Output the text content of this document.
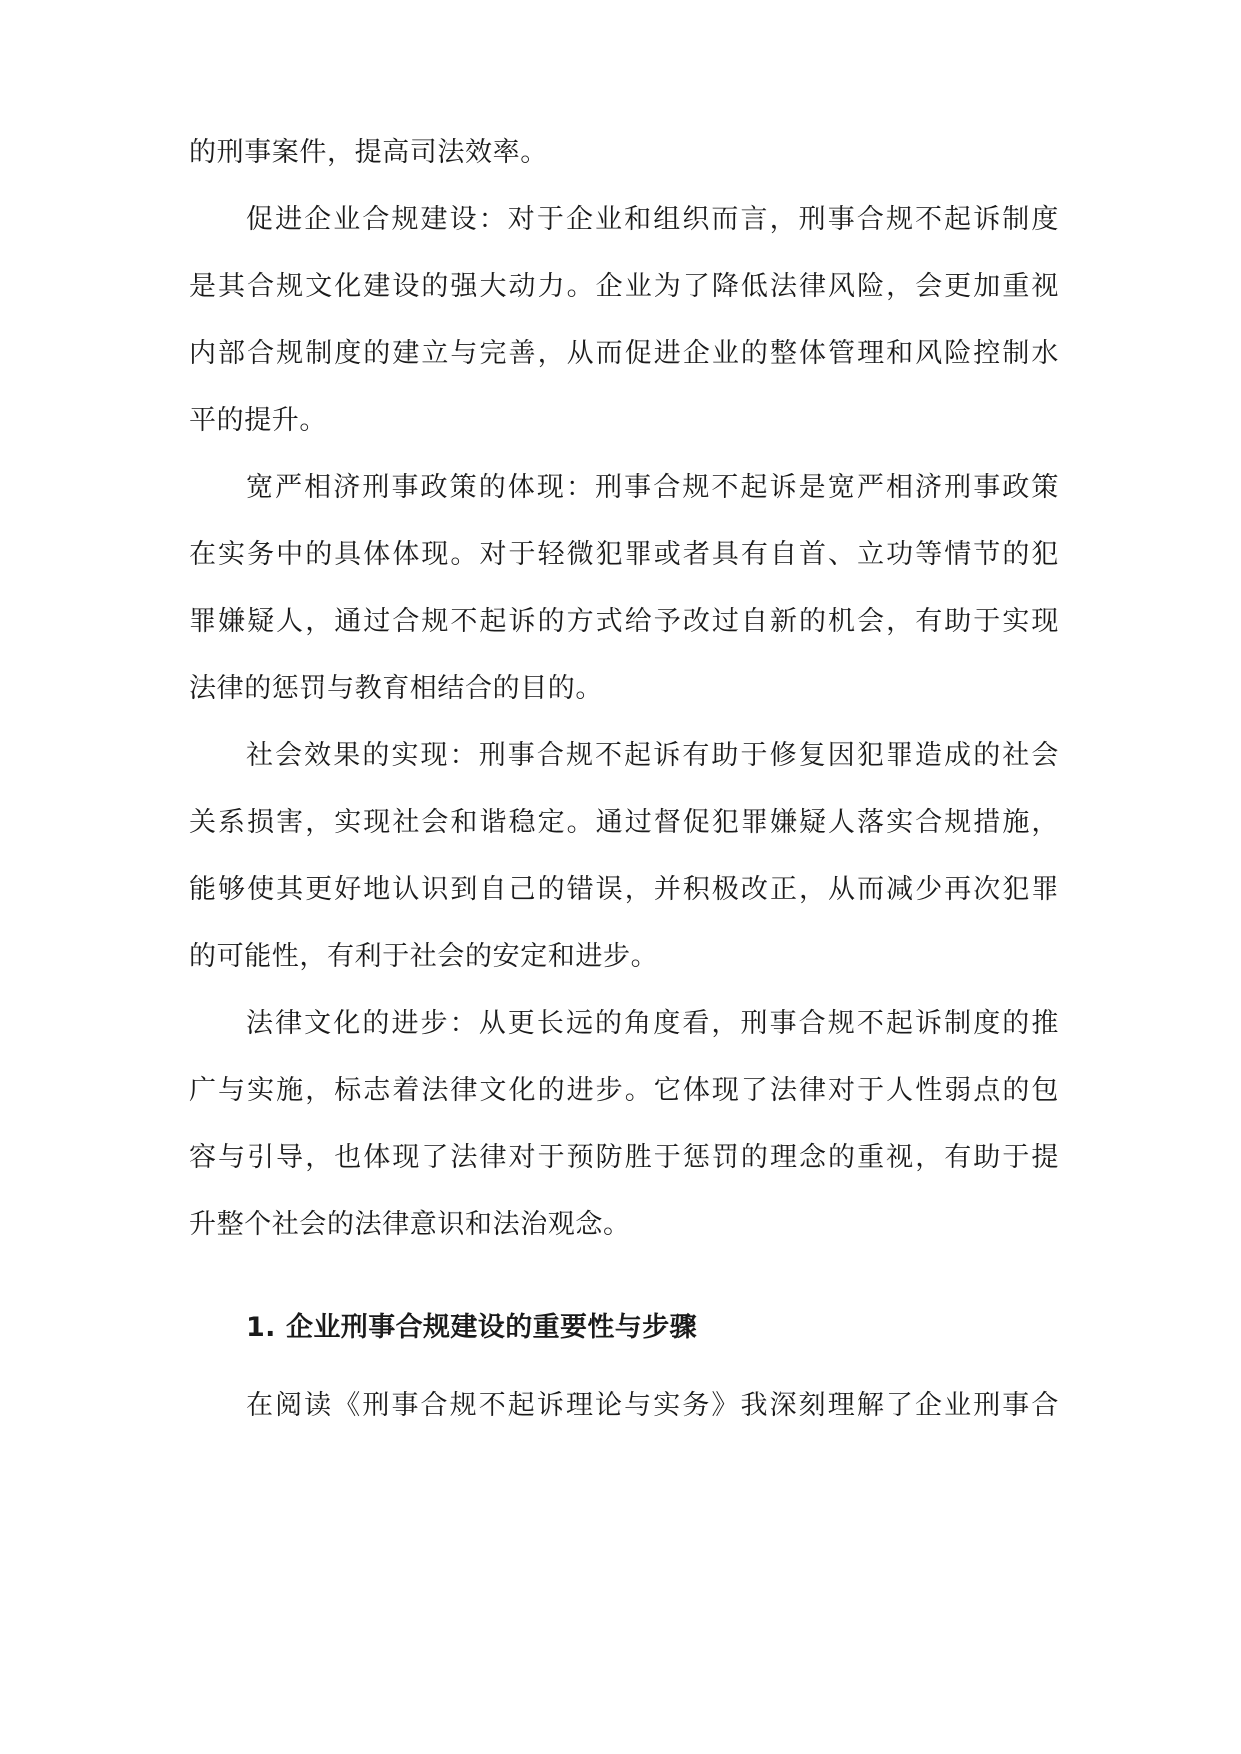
的刑事案件，提高司法效率。
促进企业合规建设：对于企业和组织而言，刑事合规不起诉制度
是其合规文化建设的强大动力。企业为了降低法律风险，会更加重视
内部合规制度的建立与完善，从而促进企业的整体管理和风险控制水
平的提升。
宽严相济刑事政策的体现：刑事合规不起诉是宽严相济刑事政策
在实务中的具体体现。对于轻微犯罪或者具有自首、立功等情节的犯
罪嫌疑人，通过合规不起诉的方式给予改过自新的机会，有助于实现
法律的惩罚与教育相结合的目的。
社会效果的实现：刑事合规不起诉有助于修复因犯罪造成的社会
关系损害，实现社会和谐稳定。通过督促犯罪嫌疑人落实合规措施，
能够使其更好地认识到自己的错误，并积极改正，从而减少再次犯罪
的可能性，有利于社会的安定和进步。
法律文化的进步：从更长远的角度看，刑事合规不起诉制度的推
广与实施，标志着法律文化的进步。它体现了法律对于人性弱点的包
容与引导，也体现了法律对于预防胜于惩罚的理念的重视，有助于提
升整个社会的法律意识和法治观念。
1. 企业刑事合规建设的重要性与步骤
在阅读《刑事合规不起诉理论与实务》我深刻理解了企业刑事合
